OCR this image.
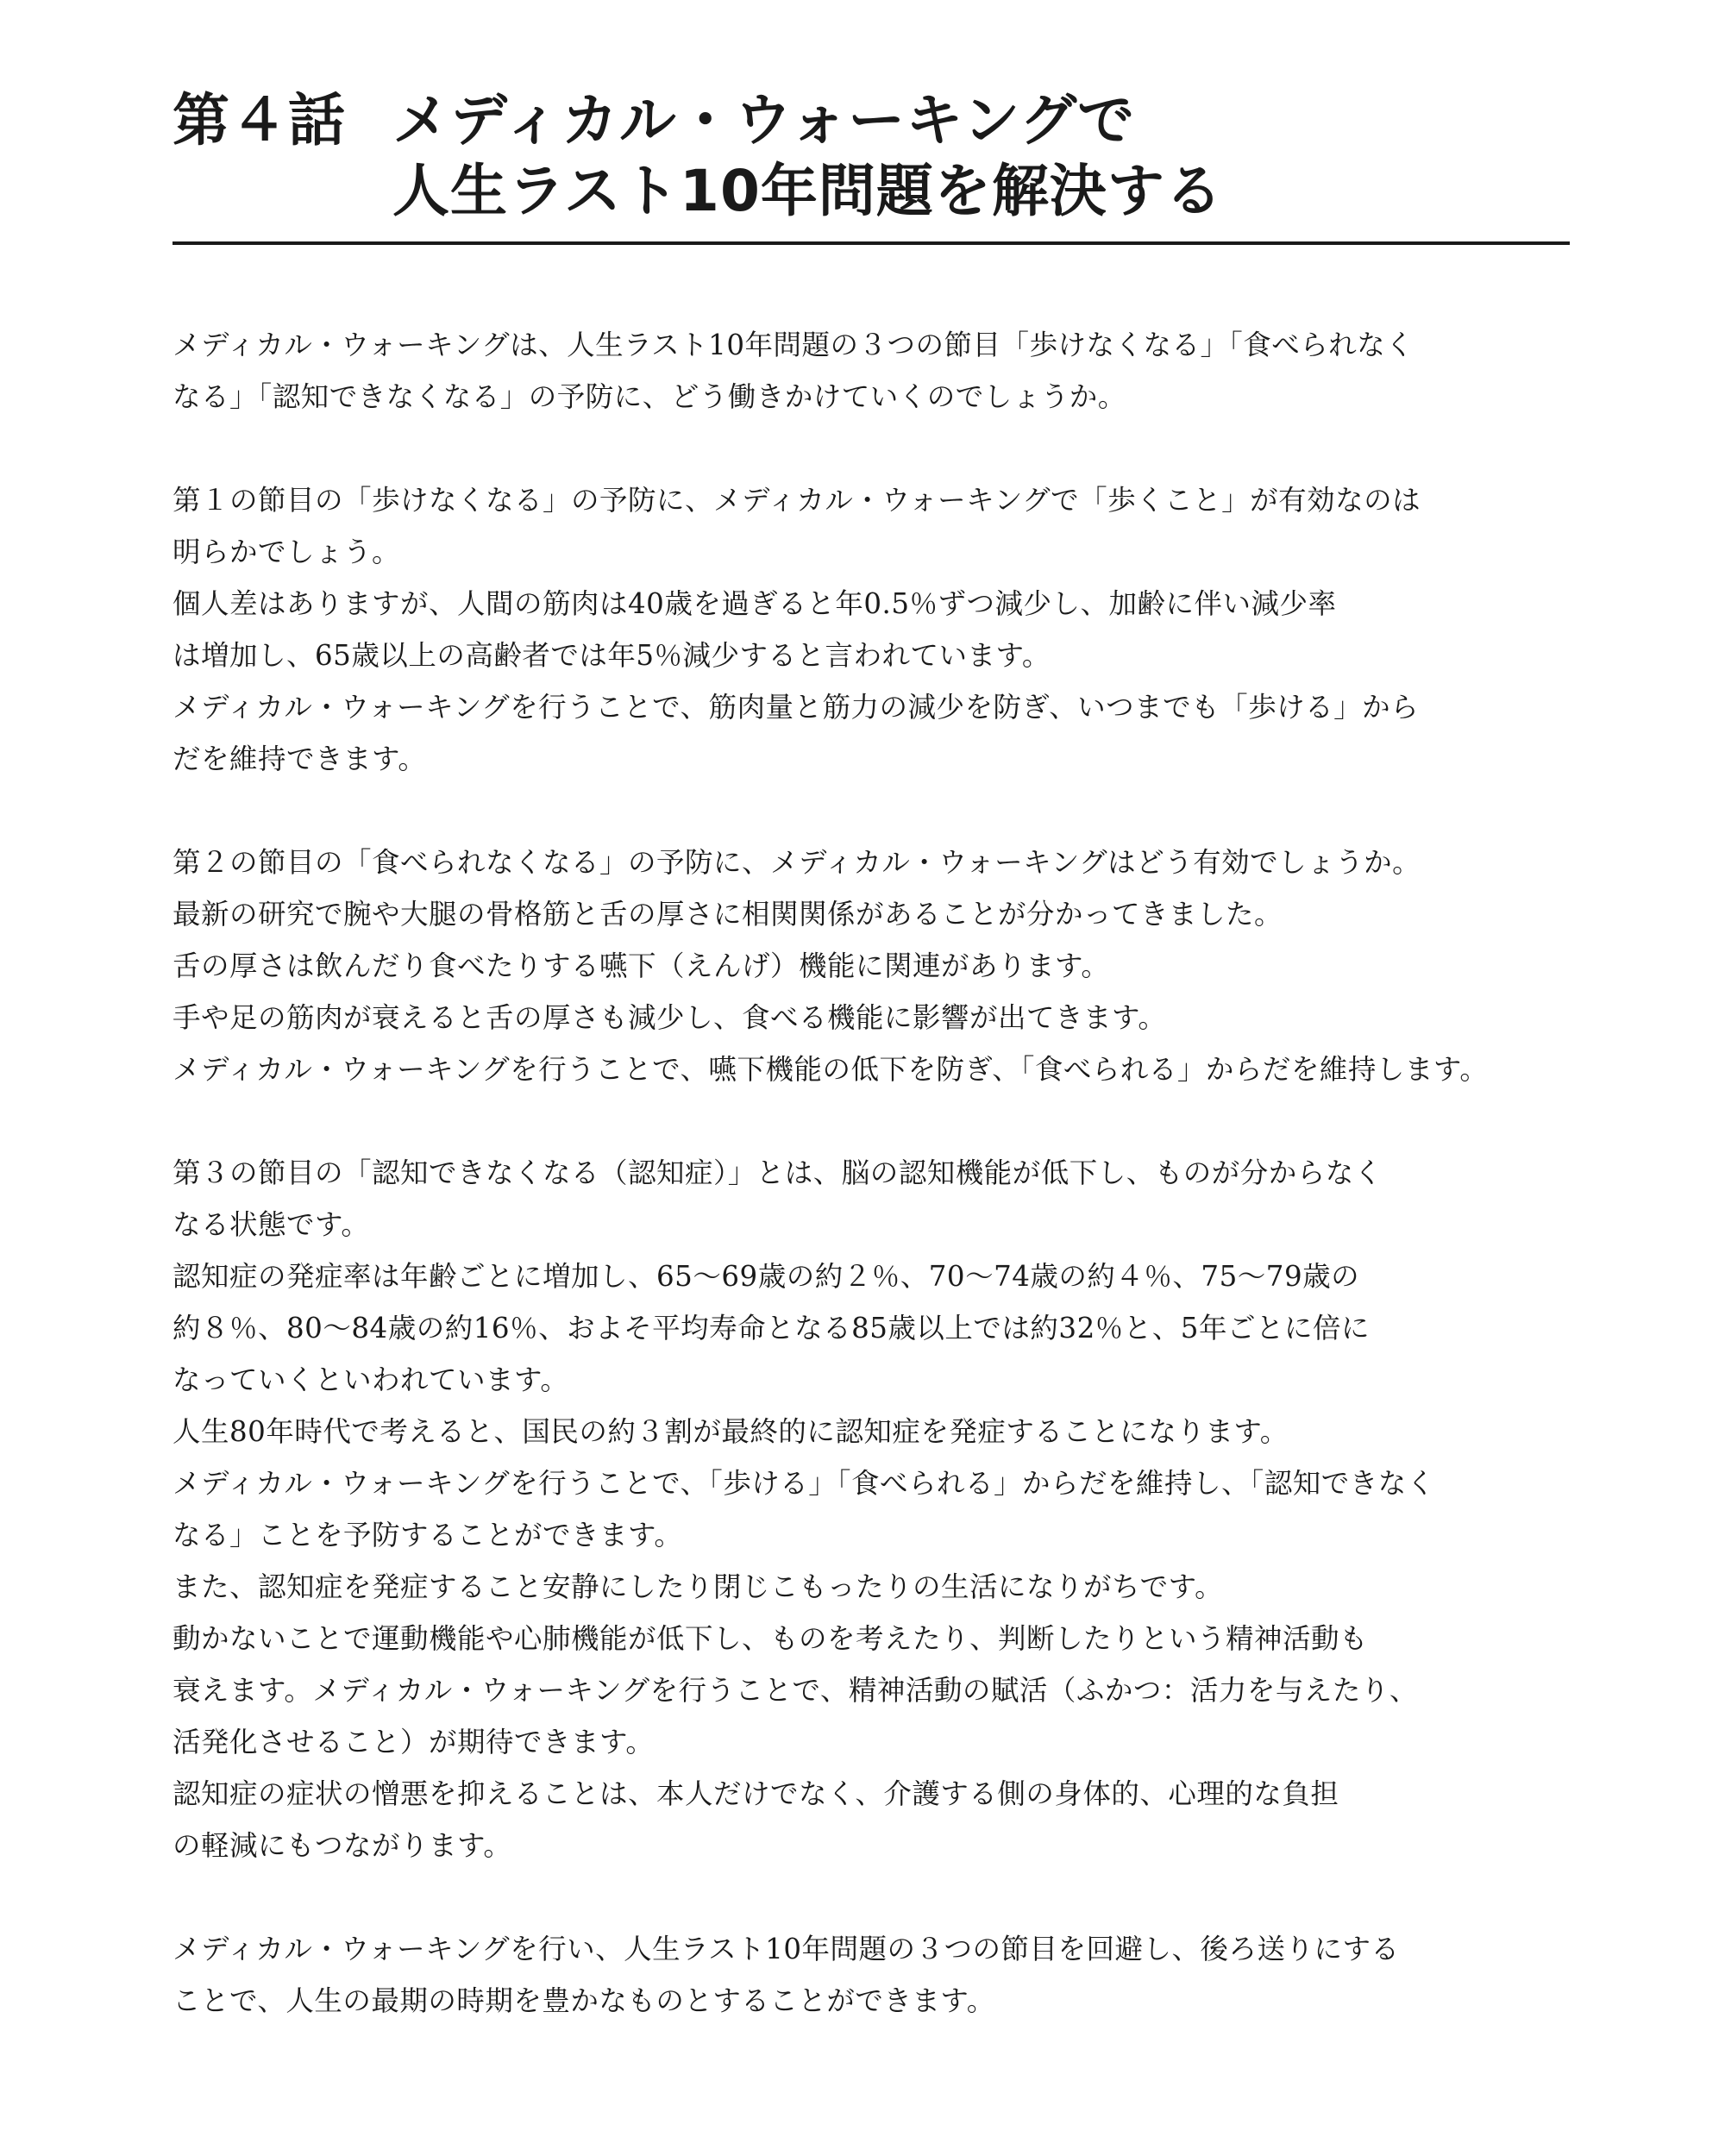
第４話 メディカル・ウォーキングで
人生ラスト10年問題を解決する
メディカル・ウォーキングは、人生ラスト10年問題の３つの節目「歩けなくなる」「食べられなく
なる」「認知できなくなる」の予防に、どう働きかけていくのでしょうか。
第１の節目の「歩けなくなる」の予防に、メディカル・ウォーキングで「歩くこと」が有効なのは
明らかでしょう。
個人差はありますが、人間の筋肉は40歳を過ぎると年0.5％ずつ減少し、加齢に伴い減少率
は増加し、65歳以上の高齢者では年5％減少すると言われています。
メディカル・ウォーキングを行うことで、筋肉量と筋力の減少を防ぎ、いつまでも「歩ける」から
だを維持できます。
第２の節目の「食べられなくなる」の予防に、メディカル・ウォーキングはどう有効でしょうか。
最新の研究で腕や大腿の骨格筋と舌の厚さに相関関係があることが分かってきました。
舌の厚さは飲んだり食べたりする嚥下（えんげ）機能に関連があります。
手や足の筋肉が衰えると舌の厚さも減少し、食べる機能に影響が出てきます。
メディカル・ウォーキングを行うことで、嚥下機能の低下を防ぎ、「食べられる」からだを維持します。
第３の節目の「認知できなくなる（認知症）」とは、脳の認知機能が低下し、ものが分からなく
なる状態です。
認知症の発症率は年齢ごとに増加し、65～69歳の約２％、70～74歳の約４％、75～79歳の
約８％、80～84歳の約16％、およそ平均寿命となる85歳以上では約32％と、5年ごとに倍に
なっていくといわれています。
人生80年時代で考えると、国民の約３割が最終的に認知症を発症することになります。
メディカル・ウォーキングを行うことで、「歩ける」「食べられる」からだを維持し、「認知できなく
なる」ことを予防することができます。
また、認知症を発症すること安静にしたり閉じこもったりの生活になりがちです。
動かないことで運動機能や心肺機能が低下し、ものを考えたり、判断したりという精神活動も
衰えます。メディカル・ウォーキングを行うことで、精神活動の賦活（ふかつ：活力を与えたり、
活発化させること）が期待できます。
認知症の症状の憎悪を抑えることは、本人だけでなく、介護する側の身体的、心理的な負担
の軽減にもつながります。
メディカル・ウォーキングを行い、人生ラスト10年問題の３つの節目を回避し、後ろ送りにする
ことで、人生の最期の時期を豊かなものとすることができます。
